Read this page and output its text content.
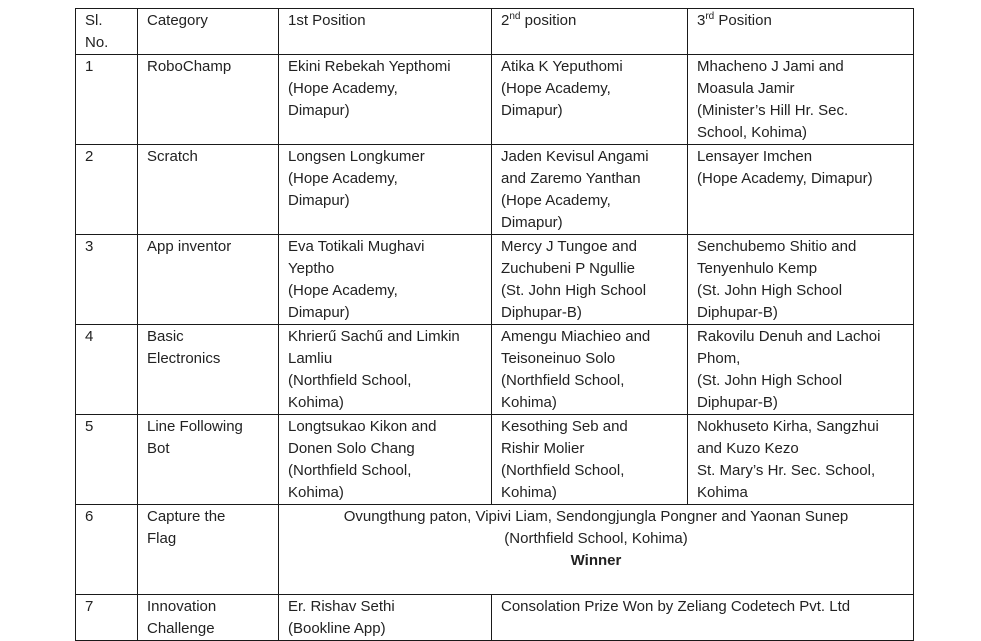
Sl.
No.	Category	1st Position	2nd position	3rd Position
1	RoboChamp	Ekini Rebekah Yepthomi
(Hope Academy,
Dimapur)	Atika K Yeputhomi
(Hope Academy,
Dimapur)	Mhacheno J Jami and
Moasula Jamir
(Minister’s Hill Hr. Sec.
School, Kohima)
2	Scratch	Longsen Longkumer
(Hope Academy,
Dimapur)	Jaden Kevisul Angami
and Zaremo Yanthan
(Hope Academy,
Dimapur)	Lensayer Imchen
(Hope Academy, Dimapur)
3	App inventor	Eva Totikali Mughavi
Yeptho
(Hope Academy,
Dimapur)	Mercy J Tungoe and
Zuchubeni P Ngullie
(St. John High School
Diphupar-B)	Senchubemo Shitio and
Tenyenhulo Kemp
(St. John High School
Diphupar-B)
4	Basic
Electronics	Khrierű Sachű and Limkin
Lamliu
(Northfield School,
Kohima)	Amengu Miachieo and
Teisoneinuo Solo
(Northfield School,
Kohima)	Rakovilu Denuh and Lachoi
Phom,
(St. John High School
Diphupar-B)
5	Line Following
Bot	Longtsukao Kikon and
Donen Solo Chang
(Northfield School,
Kohima)	Kesothing Seb and
Rishir Molier
(Northfield School,
Kohima)	Nokhuseto Kirha, Sangzhui
and Kuzo Kezo
St. Mary’s Hr. Sec. School,
Kohima
6	Capture the
Flag	Ovungthung paton, Vipivi Liam, Sendongjungla Pongner and Yaonan Sunep
(Northfield School, Kohima)
Winner		

7	Innovation
Challenge	Er. Rishav Sethi
(Bookline App)	Consolation Prize Won by Zeliang Codetech Pvt. Ltd	
